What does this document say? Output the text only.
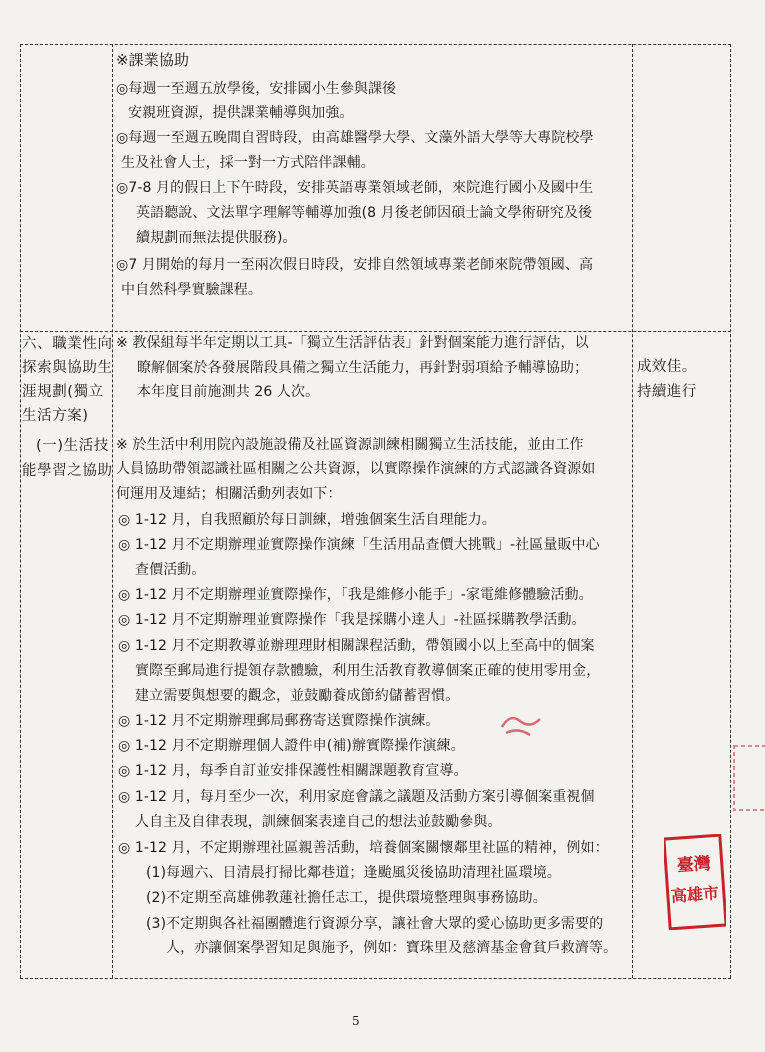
※課業協助
◎每週一至週五放學後，安排國小生參與課後
安親班資源，提供課業輔導與加強。
◎每週一至週五晚間自習時段，由高雄醫學大學、文藻外語大學等大專院校學
生及社會人士，採一對一方式陪伴課輔。
◎7-8 月的假日上下午時段，安排英語專業領域老師，來院進行國小及國中生
英語聽說、文法單字理解等輔導加強(8 月後老師因碩士論文學術研究及後
續規劃而無法提供服務)。
◎7 月開始的每月一至兩次假日時段，安排自然領域專業老師來院帶領國、高
中自然科學實驗課程。
六、職業性向
探索與協助生
涯規劃(獨立
生活方案)
(一)生活技
能學習之協助
成效佳。
持續進行
※ 教保組每半年定期以工具-「獨立生活評估表」針對個案能力進行評估，以
瞭解個案於各發展階段具備之獨立生活能力，再針對弱項給予輔導協助；
本年度目前施測共 26 人次。
※ 於生活中利用院內設施設備及社區資源訓練相關獨立生活技能，並由工作
人員協助帶領認識社區相關之公共資源，以實際操作演練的方式認識各資源如
何運用及連結；相關活動列表如下：
◎ 1-12 月，自我照顧於每日訓練，增強個案生活自理能力。
◎ 1-12 月不定期辦理並實際操作演練「生活用品查價大挑戰」-社區量販中心
查價活動。
◎ 1-12 月不定期辦理並實際操作，「我是維修小能手」-家電維修體驗活動。
◎ 1-12 月不定期辦理並實際操作「我是採購小達人」-社區採購教學活動。
◎ 1-12 月不定期教導並辦理理財相關課程活動，帶領國小以上至高中的個案
實際至郵局進行提領存款體驗，利用生活教育教導個案正確的使用零用金，
建立需要與想要的觀念，並鼓勵養成節約儲蓄習慣。
◎ 1-12 月不定期辦理郵局郵務寄送實際操作演練。
◎ 1-12 月不定期辦理個人證件申(補)辦實際操作演練。
◎ 1-12 月，每季自訂並安排保護性相關課題教育宣導。
◎ 1-12 月，每月至少一次，利用家庭會議之議題及活動方案引導個案重視個
人自主及自律表現，訓練個案表達自己的想法並鼓勵參與。
◎ 1-12 月，不定期辦理社區親善活動，培養個案關懷鄰里社區的精神，例如：
(1)每週六、日清晨打掃比鄰巷道；逢颱風災後協助清理社區環境。
(2)不定期至高雄佛教蓮社擔任志工，提供環境整理與事務協助。
(3)不定期與各社福團體進行資源分享，讓社會大眾的愛心協助更多需要的
人，亦讓個案學習知足與施予，例如：寶珠里及慈濟基金會貧戶救濟等。
臺灣
高雄市
5
